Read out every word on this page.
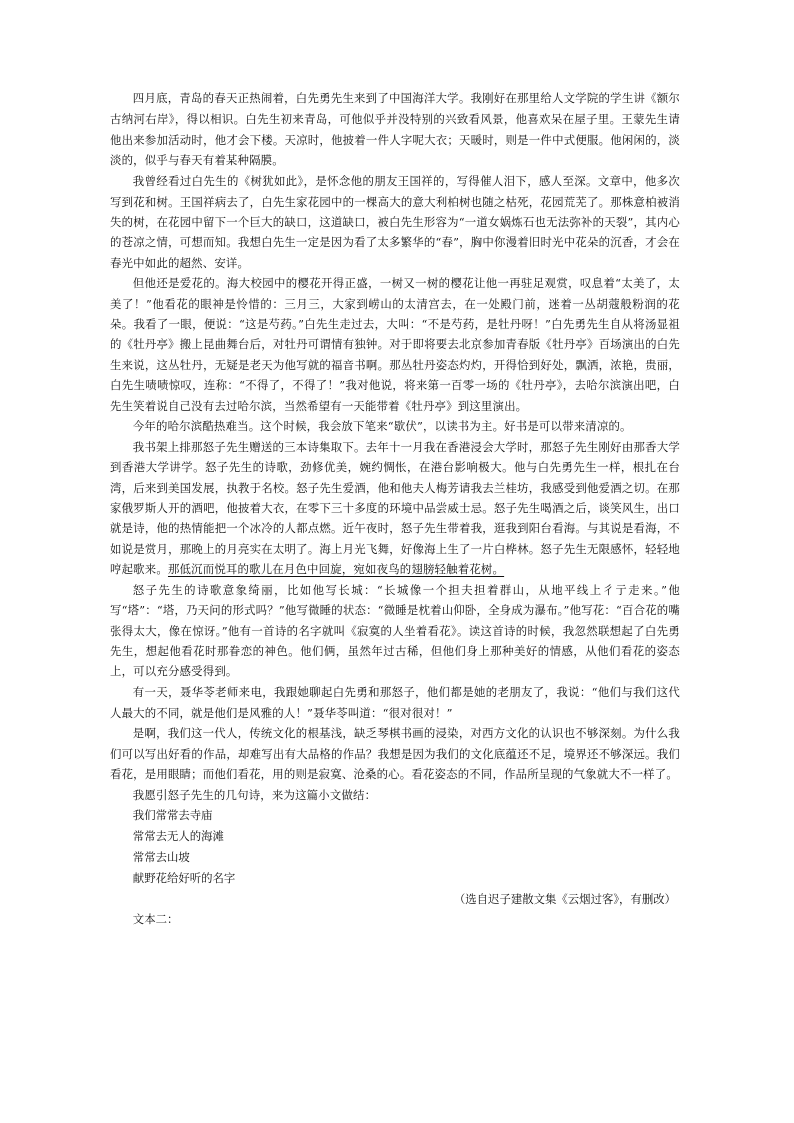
四月底，青岛的春天正热闹着，白先勇先生来到了中国海洋大学。我刚好在那里给人文学院的学生讲《额尔古纳河右岸》，得以相识。白先生初来青岛，可他似乎并没特别的兴致看风景，他喜欢呆在屋子里。王蒙先生请他出来参加活动时，他才会下楼。天凉时，他披着一件人字呢大衣；天暖时，则是一件中式便服。他闲闲的，淡淡的，似乎与春天有着某种隔膜。

我曾经看过白先生的《树犹如此》，是怀念他的朋友王国祥的，写得催人泪下，感人至深。文章中，他多次写到花和树。王国祥病去了，白先生家花园中的一棵高大的意大利柏树也随之枯死，花园荒芜了。那株意柏被消失的树，在花园中留下一个巨大的缺口，这道缺口，被白先生形容为“一道女娲炼石也无法弥补的天裂”，其内心的苍凉之情，可想而知。我想白先生一定是因为看了太多繁华的“春”，胸中你漫着旧时光中花朵的沉香，才会在春光中如此的超然、安详。

但他还是爱花的。海大校园中的樱花开得正盛，一树又一树的樱花让他一再驻足观赏，叹息着“太美了，太美了！”他看花的眼神是怜惜的：三月三，大家到崂山的太清宫去，在一处殿门前，迷着一丛胡蔻般粉润的花朵。我看了一眼，便说：“这是芍药。”白先生走过去，大叫：“不是芍药，是牡丹呀！”白先勇先生自从将汤显祖的《牡丹亭》搬上昆曲舞台后，对牡丹可谓情有独钟。对于即将要去北京参加青春版《牡丹亭》百场演出的白先生来说，这丛牡丹，无疑是老天为他写就的福音书啊。那丛牡丹姿态灼灼，开得恰到好处，飘洒，浓艳，贵丽，白先生啧啧惊叹，连称：“不得了，不得了！”我对他说，将来第一百零一场的《牡丹亭》，去哈尔滨演出吧，白先生笑着说自己没有去过哈尔滨，当然希望有一天能带着《牡丹亭》到这里演出。

今年的哈尔滨酷热难当。这个时候，我会放下笔来“歇伏”，以读书为主。好书是可以带来清凉的。

我书架上排那怒子先生赠送的三本诗集取下。去年十一月我在香港浸会大学时，那怒子先生刚好由那香大学到香港大学讲学。怒子先生的诗歌，劲修优美，婉约惆怅，在港台影响极大。他与白先勇先生一样，根扎在台湾，后来到美国发展，执教于名校。怒子先生爱酒，他和他夫人梅芳请我去兰桂坊，我感受到他爱酒之切。在那家俄罗斯人开的酒吧，他披着大衣，在零下三十多度的环境中品尝威士忌。怒子先生喝酒之后，谈笑风生，出口就是诗，他的热情能把一个冰冷的人都点燃。近午夜时，怒子先生带着我，逛我到阳台看海。与其说是看海，不如说是赏月，那晚上的月亮实在太明了。海上月光飞舞，好像海上生了一片白桦林。怒子先生无限感怀，轻轻地哼起歌来。那低沉而悦耳的歌儿在月色中回旋，宛如夜鸟的翅膀轻触着花树。

怒子先生的诗歌意象绮丽，比如他写长城：“长城像一个担夫担着群山，从地平线上彳亍走来。”他写“塔”：“塔，乃天问的形式吗？”他写微睡的状态：“微睡是枕着山仰卧，全身成为瀑布。”他写花：“百合花的嘴张得太大，像在惊讶。”他有一首诗的名字就叫《寂寞的人坐着看花》。读这首诗的时候，我忽然联想起了白先勇先生，想起他看花时那眷恋的神色。他们俩，虽然年过古稀，但他们身上那种美好的情感，从他们看花的姿态上，可以充分感受得到。

有一天，聂华苓老师来电，我跟她聊起白先勇和那怒子，他们都是她的老朋友了，我说：“他们与我们这代人最大的不同，就是他们是风雅的人！”聂华苓叫道：“很对很对！”

是啊，我们这一代人，传统文化的根基浅，缺乏琴棋书画的浸染，对西方文化的认识也不够深刻。为什么我们可以写出好看的作品，却难写出有大品格的作品？我想是因为我们的文化底蕴还不足，境界还不够深远。我们看花，是用眼睛；而他们看花，用的则是寂寞、沧桑的心。看花姿态的不同，作品所呈现的气象就大不一样了。

我愿引怒子先生的几句诗，来为这篇小文做结：

我们常常去寺庙
常常去无人的海滩
常常去山坡
献野花给好听的名字

（选自迟子建散文集《云烟过客》，有删改）

文本二：
